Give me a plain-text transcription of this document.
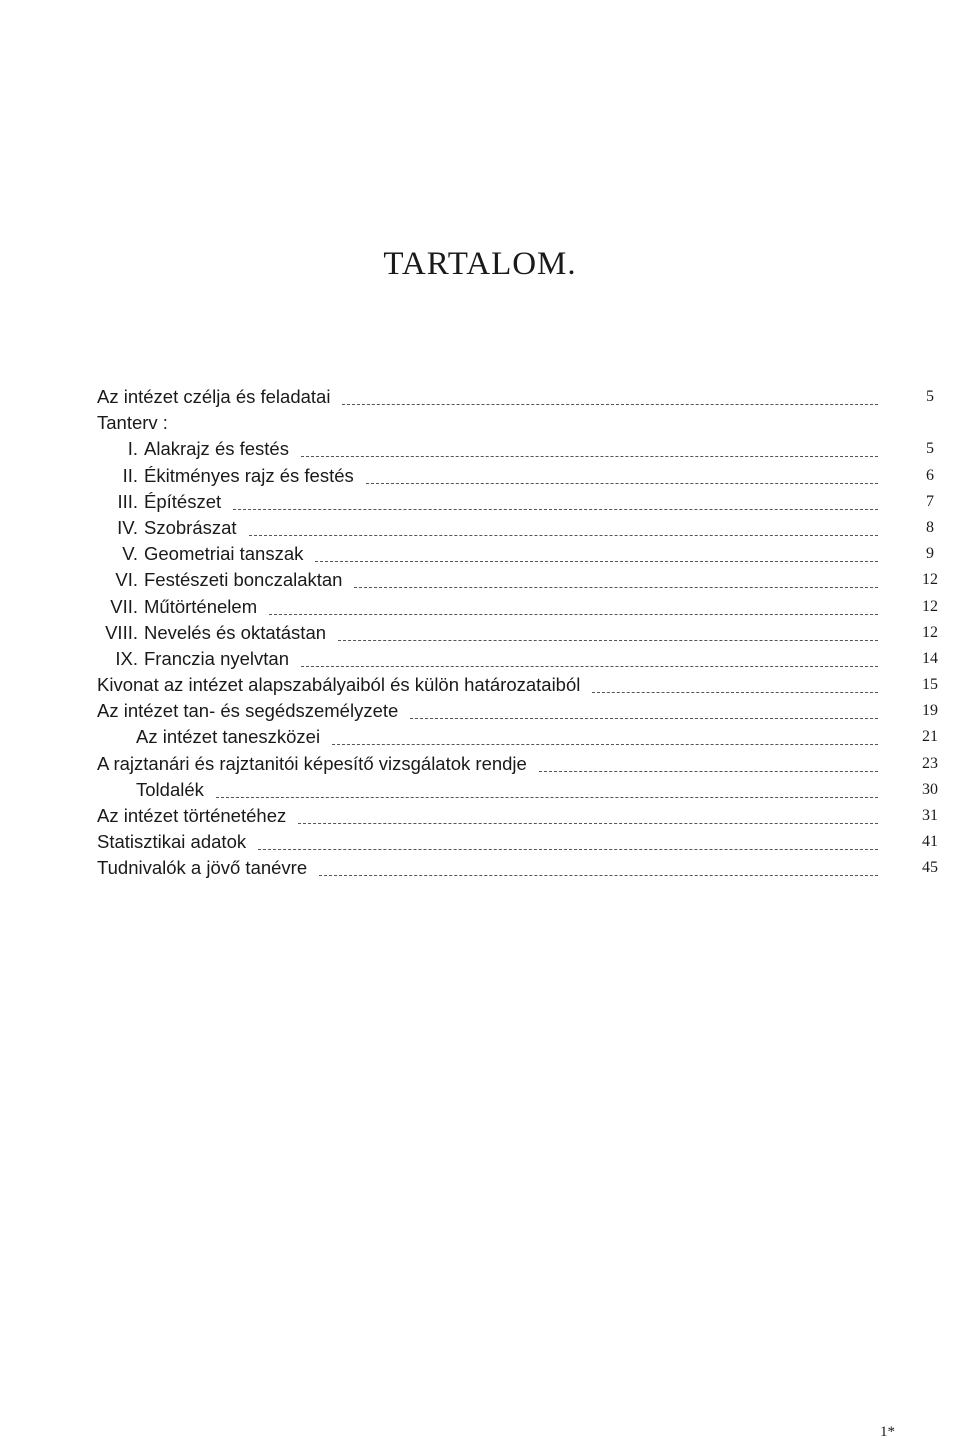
TARTALOM.
Az intézet czélja és feladatai	5
Tanterv :
I. Alakrajz és festés	5
II. Ékitményes rajz és festés	6
III. Építészet	7
IV. Szobrászat	8
V. Geometriai tanszak	9
VI. Festészeti bonczalaktan	12
VII. Műtörténelem	12
VIII. Nevelés és oktatástan	12
IX. Franczia nyelvtan	14
Kivonat az intézet alapszabályaiból és külön határozataiból	15
Az intézet tan- és segédszemélyzete	19
Az intézet taneszközei	21
A rajztanári és rajztanitói képesítő vizsgálatok rendje	23
Toldalék	30
Az intézet történetéhez	31
Statisztikai adatok	41
Tudnivalók a jövő tanévre	45
1*
